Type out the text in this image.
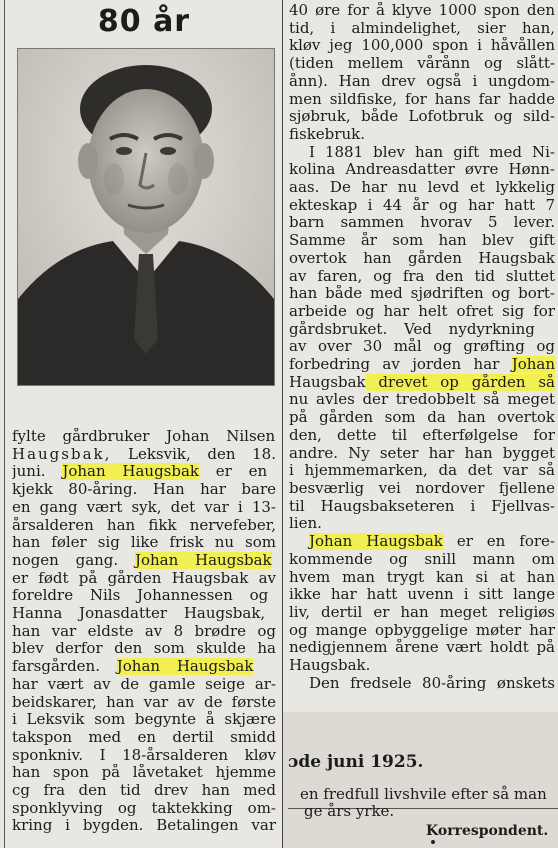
80 år
fylte gårdbruker Johan Nilsen
Haugsbak, Leksvik, den 18.
juni. Johan Haugsbak er en
kjekk 80-åring. Han har bare
en gang vært syk, det var i 13-
årsalderen han fikk nervefeber,
han føler sig like frisk nu som
nogen gang. Johan Haugsbak
er født på gården Haugsbak av
foreldre Nils Johannessen og
Hanna Jonasdatter Haugsbak,
han var eldste av 8 brødre og
blev derfor den som skulde ha
farsgården. Johan Haugsbak
har vært av de gamle seige ar-
beidskarer, han var av de første
i Leksvik som begynte å skjære
takspon med en dertil smidd
sponkniv. I 18-årsalderen kløv
han spon på låvetaket hjemme
cg fra den tid drev han med
sponklyving og taktekking om-
kring i bygden. Betalingen var
40 øre for å klyve 1000 spon den
tid, i almindelighet, sier han,
kløv jeg 100,000 spon i håvållen
(tiden mellem vårånn og slått-
ånn). Han drev også i ungdom-
men sildfiske, for hans far hadde
sjøbruk, både Lofotbruk og sild-
fiskebruk.
I 1881 blev han gift med Ni-
kolina Andreasdatter øvre Hønn-
aas. De har nu levd et lykkelig
ekteskap i 44 år og har hatt 7
barn sammen hvorav 5 lever.
Samme år som han blev gift
overtok han gården Haugsbak
av faren, og fra den tid sluttet
han både med sjødriften og bort-
arbeide og har helt ofret sig for
gårdsbruket. Ved nydyrkning
av over 30 mål og grøfting og
forbedring av jorden har Johan
Haugsbak drevet op gården så
nu avles der tredobbelt så meget
på gården som da han overtok
den, dette til efterfølgelse for
andre. Ny seter har han bygget
i hjemmemarken, da det var så
besværlig vei nordover fjellene
til Haugsbakseteren i Fjellvas-
lien.
Johan Haugsbak er en fore-
kommende og snill mann om
hvem man trygt kan si at han
ikke har hatt uvenn i sitt lange
liv, dertil er han meget religiøs
og mange opbyggelige møter har
nedigjennem årene vært holdt på
Haugsbak.
Den fredsele 80-åring ønskets
ɔde juni 1925.
en fredfull livshvile efter så man
ge års yrke.
Korrespondent.
